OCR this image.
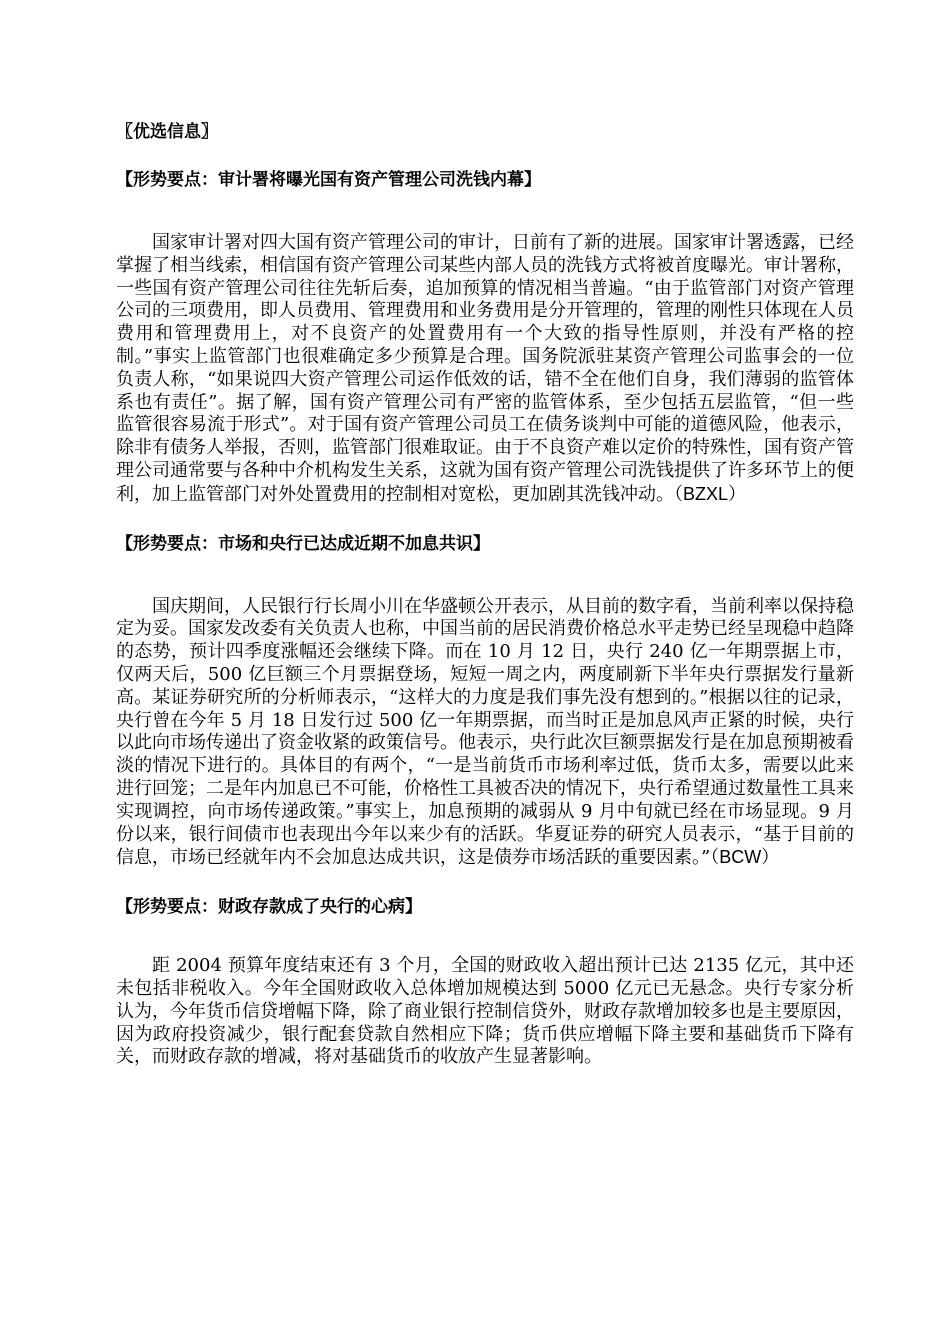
〖优选信息〗
【形势要点：审计署将曝光国有资产管理公司洗钱内幕】

国家审计署对四大国有资产管理公司的审计，日前有了新的进展。国家审计署透露，已经掌握了相当线索，相信国有资产管理公司某些内部人员的洗钱方式将被首度曝光。审计署称，一些国有资产管理公司往往先斩后奏，追加预算的情况相当普遍。“由于监管部门对资产管理公司的三项费用，即人员费用、管理费用和业务费用是分开管理的，管理的刚性只体现在人员费用和管理费用上，对不良资产的处置费用有一个大致的指导性原则，并没有严格的控制。”事实上监管部门也很难确定多少预算是合理。国务院派驻某资产管理公司监事会的一位负责人称，“如果说四大资产管理公司运作低效的话，错不全在他们自身，我们薄弱的监管体系也有责任”。据了解，国有资产管理公司有严密的监管体系，至少包括五层监管，“但一些监管很容易流于形式”。对于国有资产管理公司员工在债务谈判中可能的道德风险，他表示，除非有债务人举报，否则，监管部门很难取证。由于不良资产难以定价的特殊性，国有资产管理公司通常要与各种中介机构发生关系，这就为国有资产管理公司洗钱提供了许多环节上的便利，加上监管部门对外处置费用的控制相对宽松，更加剧其洗钱冲动。（BZXL）

【形势要点：市场和央行已达成近期不加息共识】

国庆期间，人民银行行长周小川在华盛顿公开表示，从目前的数字看，当前利率以保持稳定为妥。国家发改委有关负责人也称，中国当前的居民消费价格总水平走势已经呈现稳中趋降的态势，预计四季度涨幅还会继续下降。而在 10 月 12 日，央行 240 亿一年期票据上市，仅两天后，500 亿巨额三个月票据登场，短短一周之内，两度刷新下半年央行票据发行量新高。某证券研究所的分析师表示，“这样大的力度是我们事先没有想到的。”根据以往的记录，央行曾在今年 5 月 18 日发行过 500 亿一年期票据，而当时正是加息风声正紧的时候，央行以此向市场传递出了资金收紧的政策信号。他表示，央行此次巨额票据发行是在加息预期被看淡的情况下进行的。具体目的有两个，“一是当前货币市场利率过低，货币太多，需要以此来进行回笼；二是年内加息已不可能，价格性工具被否决的情况下，央行希望通过数量性工具来实现调控，向市场传递政策。”事实上，加息预期的减弱从 9 月中旬就已经在市场显现。9 月份以来，银行间债市也表现出今年以来少有的活跃。华夏证券的研究人员表示，“基于目前的信息，市场已经就年内不会加息达成共识，这是债券市场活跃的重要因素。”（BCW）

【形势要点：财政存款成了央行的心病】

距 2004 预算年度结束还有 3 个月，全国的财政收入超出预计已达 2135 亿元，其中还未包括非税收入。今年全国财政收入总体增加规模达到 5000 亿元已无悬念。央行专家分析认为，今年货币信贷增幅下降，除了商业银行控制信贷外，财政存款增加较多也是主要原因，因为政府投资减少，银行配套贷款自然相应下降；货币供应增幅下降主要和基础货币下降有关，而财政存款的增减，将对基础货币的收放产生显著影响。
